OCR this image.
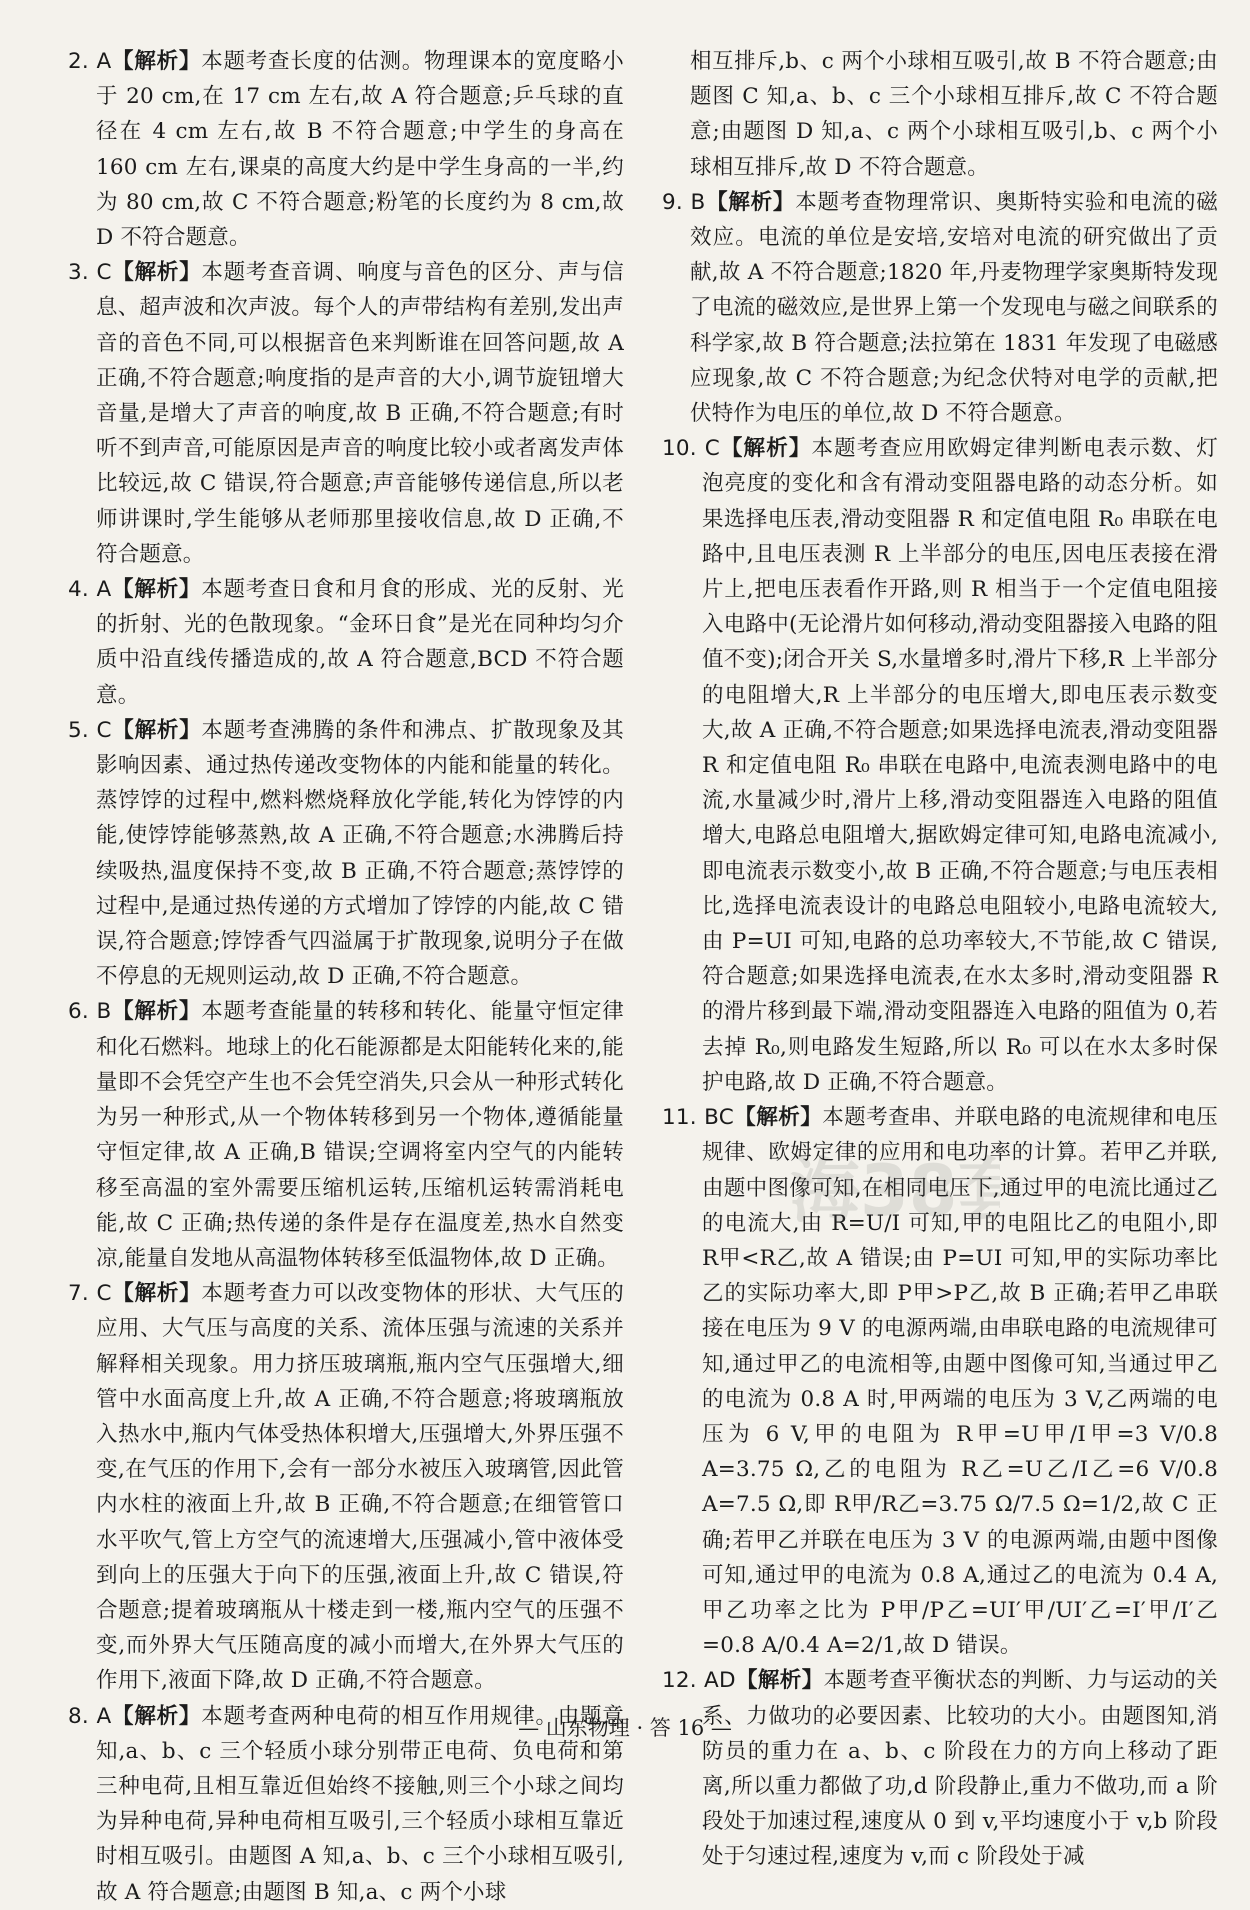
2. A【解析】本题考查长度的估测。物理课本的宽度略小于 20 cm,在 17 cm 左右,故 A 符合题意;乒乓球的直径在 4 cm 左右,故 B 不符合题意;中学生的身高在 160 cm 左右,课桌的高度大约是中学生身高的一半,约为 80 cm,故 C 不符合题意;粉笔的长度约为 8 cm,故 D 不符合题意。

3. C【解析】本题考查音调、响度与音色的区分、声与信息、超声波和次声波。每个人的声带结构有差别,发出声音的音色不同,可以根据音色来判断谁在回答问题,故 A 正确,不符合题意;响度指的是声音的大小,调节旋钮增大音量,是增大了声音的响度,故 B 正确,不符合题意;有时听不到声音,可能原因是声音的响度比较小或者离发声体比较远,故 C 错误,符合题意;声音能够传递信息,所以老师讲课时,学生能够从老师那里接收信息,故 D 正确,不符合题意。

4. A【解析】本题考查日食和月食的形成、光的反射、光的折射、光的色散现象。“金环日食”是光在同种均匀介质中沿直线传播造成的,故 A 符合题意,BCD 不符合题意。

5. C【解析】本题考查沸腾的条件和沸点、扩散现象及其影响因素、通过热传递改变物体的内能和能量的转化。蒸饽饽的过程中,燃料燃烧释放化学能,转化为饽饽的内能,使饽饽能够蒸熟,故 A 正确,不符合题意;水沸腾后持续吸热,温度保持不变,故 B 正确,不符合题意;蒸饽饽的过程中,是通过热传递的方式增加了饽饽的内能,故 C 错误,符合题意;饽饽香气四溢属于扩散现象,说明分子在做不停息的无规则运动,故 D 正确,不符合题意。

6. B【解析】本题考查能量的转移和转化、能量守恒定律和化石燃料。地球上的化石能源都是太阳能转化来的,能量即不会凭空产生也不会凭空消失,只会从一种形式转化为另一种形式,从一个物体转移到另一个物体,遵循能量守恒定律,故 A 正确,B 错误;空调将室内空气的内能转移至高温的室外需要压缩机运转,压缩机运转需消耗电能,故 C 正确;热传递的条件是存在温度差,热水自然变凉,能量自发地从高温物体转移至低温物体,故 D 正确。

7. C【解析】本题考查力可以改变物体的形状、大气压的应用、大气压与高度的关系、流体压强与流速的关系并解释相关现象。用力挤压玻璃瓶,瓶内空气压强增大,细管中水面高度上升,故 A 正确,不符合题意;将玻璃瓶放入热水中,瓶内气体受热体积增大,压强增大,外界压强不变,在气压的作用下,会有一部分水被压入玻璃管,因此管内水柱的液面上升,故 B 正确,不符合题意;在细管管口水平吹气,管上方空气的流速增大,压强减小,管中液体受到向上的压强大于向下的压强,液面上升,故 C 错误,符合题意;提着玻璃瓶从十楼走到一楼,瓶内空气的压强不变,而外界大气压随高度的减小而增大,在外界大气压的作用下,液面下降,故 D 正确,不符合题意。

8. A【解析】本题考查两种电荷的相互作用规律。由题意知,a、b、c 三个轻质小球分别带正电荷、负电荷和第三种电荷,且相互靠近但始终不接触,则三个小球之间均为异种电荷,异种电荷相互吸引,三个轻质小球相互靠近时相互吸引。由题图 A 知,a、b、c 三个小球相互吸引,故 A 符合题意;由题图 B 知,a、c 两个小球

相互排斥,b、c 两个小球相互吸引,故 B 不符合题意;由题图 C 知,a、b、c 三个小球相互排斥,故 C 不符合题意;由题图 D 知,a、c 两个小球相互吸引,b、c 两个小球相互排斥,故 D 不符合题意。

9. B【解析】本题考查物理常识、奥斯特实验和电流的磁效应。电流的单位是安培,安培对电流的研究做出了贡献,故 A 不符合题意;1820 年,丹麦物理学家奥斯特发现了电流的磁效应,是世界上第一个发现电与磁之间联系的科学家,故 B 符合题意;法拉第在 1831 年发现了电磁感应现象,故 C 不符合题意;为纪念伏特对电学的贡献,把伏特作为电压的单位,故 D 不符合题意。

10. C【解析】本题考查应用欧姆定律判断电表示数、灯泡亮度的变化和含有滑动变阻器电路的动态分析。如果选择电压表,滑动变阻器 R 和定值电阻 R₀ 串联在电路中,且电压表测 R 上半部分的电压,因电压表接在滑片上,把电压表看作开路,则 R 相当于一个定值电阻接入电路中(无论滑片如何移动,滑动变阻器接入电路的阻值不变);闭合开关 S,水量增多时,滑片下移,R 上半部分的电阻增大,R 上半部分的电压增大,即电压表示数变大,故 A 正确,不符合题意;如果选择电流表,滑动变阻器 R 和定值电阻 R₀ 串联在电路中,电流表测电路中的电流,水量减少时,滑片上移,滑动变阻器连入电路的阻值增大,电路总电阻增大,据欧姆定律可知,电路电流减小,即电流表示数变小,故 B 正确,不符合题意;与电压表相比,选择电流表设计的电路总电阻较小,电路电流较大,由 P=UI 可知,电路的总功率较大,不节能,故 C 错误,符合题意;如果选择电流表,在水太多时,滑动变阻器 R 的滑片移到最下端,滑动变阻器连入电路的阻值为 0,若去掉 R₀,则电路发生短路,所以 R₀ 可以在水太多时保护电路,故 D 正确,不符合题意。

11. BC【解析】本题考查串、并联电路的电流规律和电压规律、欧姆定律的应用和电功率的计算。若甲乙并联,由题中图像可知,在相同电压下,通过甲的电流比通过乙的电流大,由 R=U/I 可知,甲的电阻比乙的电阻小,即 R甲<R乙,故 A 错误;由 P=UI 可知,甲的实际功率比乙的实际功率大,即 P甲>P乙,故 B 正确;若甲乙串联接在电压为 9 V 的电源两端,由串联电路的电流规律可知,通过甲乙的电流相等,由题中图像可知,当通过甲乙的电流为 0.8 A 时,甲两端的电压为 3 V,乙两端的电压为 6 V,甲的电阻为 R甲=U甲/I甲=3 V/0.8 A=3.75 Ω,乙的电阻为 R乙=U乙/I乙=6 V/0.8 A=7.5 Ω,即 R甲/R乙=3.75 Ω/7.5 Ω=1/2,故 C 正确;若甲乙并联在电压为 3 V 的电源两端,由题中图像可知,通过甲的电流为 0.8 A,通过乙的电流为 0.4 A,甲乙功率之比为 P甲/P乙=UI′甲/UI′乙=I′甲/I′乙=0.8 A/0.4 A=2/1,故 D 错误。

12. AD【解析】本题考查平衡状态的判断、力与运动的关系、力做功的必要因素、比较功的大小。由题图知,消防员的重力在 a、b、c 阶段在力的方向上移动了距离,所以重力都做了功,d 阶段静止,重力不做功,而 a 阶段处于加速过程,速度从 0 到 v,平均速度小于 v,b 阶段处于匀速过程,速度为 v,而 c 阶段处于减

海38套
— 山东物理 · 答 16 —
